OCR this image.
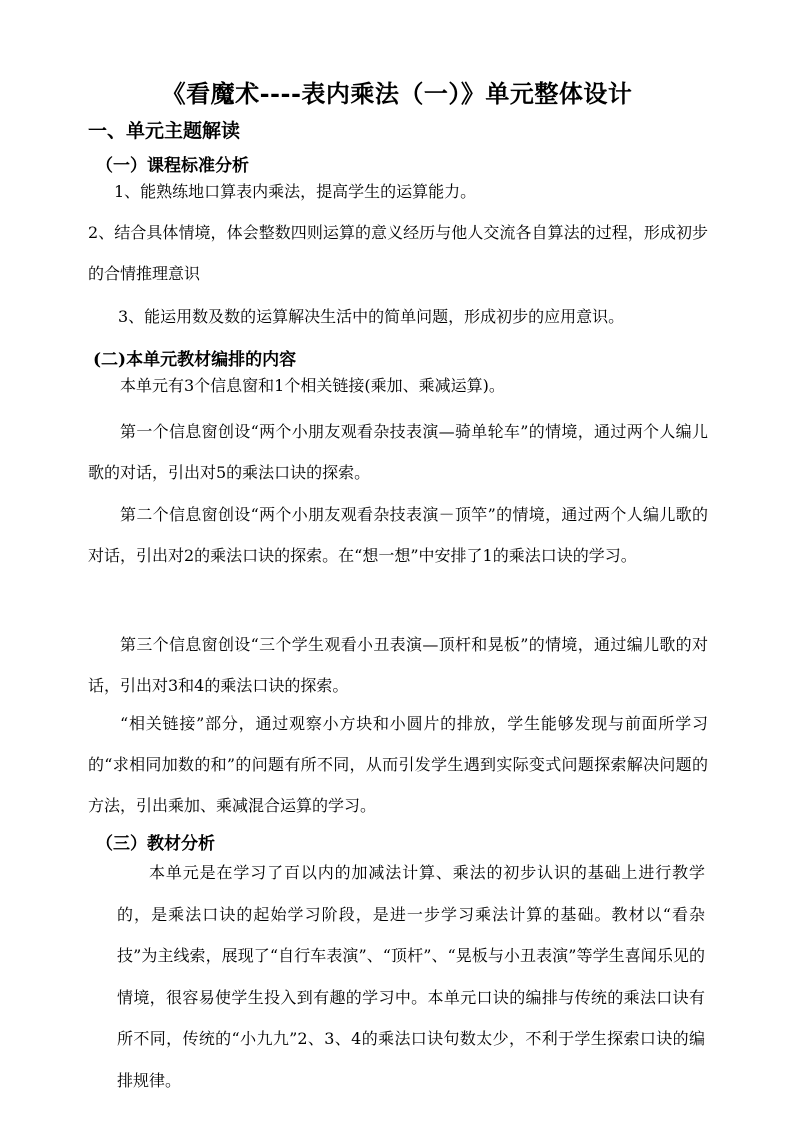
《看魔术----表内乘法（一）》单元整体设计
一、单元主题解读
（一）课程标准分析
1、能熟练地口算表内乘法，提高学生的运算能力。
2、结合具体情境，体会整数四则运算的意义经历与他人交流各自算法的过程，形成初步的合情推理意识
3、能运用数及数的运算解决生活中的简单问题，形成初步的应用意识。
(二)本单元教材编排的内容
本单元有3个信息窗和1个相关链接(乘加、乘减运算)。
第一个信息窗创设“两个小朋友观看杂技表演—骑单轮车”的情境，通过两个人编儿歌的对话，引出对5的乘法口诀的探索。
第二个信息窗创设“两个小朋友观看杂技表演－顶竿”的情境，通过两个人编儿歌的对话，引出对2的乘法口诀的探索。在“想一想”中安排了1的乘法口诀的学习。
第三个信息窗创设“三个学生观看小丑表演—顶杆和晃板”的情境，通过编儿歌的对话，引出对3和4的乘法口诀的探索。
“相关链接”部分，通过观察小方块和小圆片的排放，学生能够发现与前面所学习的“求相同加数的和”的问题有所不同，从而引发学生遇到实际变式问题探索解决问题的方法，引出乘加、乘减混合运算的学习。
（三）教材分析
本单元是在学习了百以内的加减法计算、乘法的初步认识的基础上进行教学的，是乘法口诀的起始学习阶段，是进一步学习乘法计算的基础。教材以“看杂技”为主线索，展现了“自行车表演”、“顶杆”、“晃板与小丑表演”等学生喜闻乐见的情境，很容易使学生投入到有趣的学习中。本单元口诀的编排与传统的乘法口诀有所不同，传统的“小九九”2、3、4的乘法口诀句数太少，不利于学生探索口诀的编排规律。
